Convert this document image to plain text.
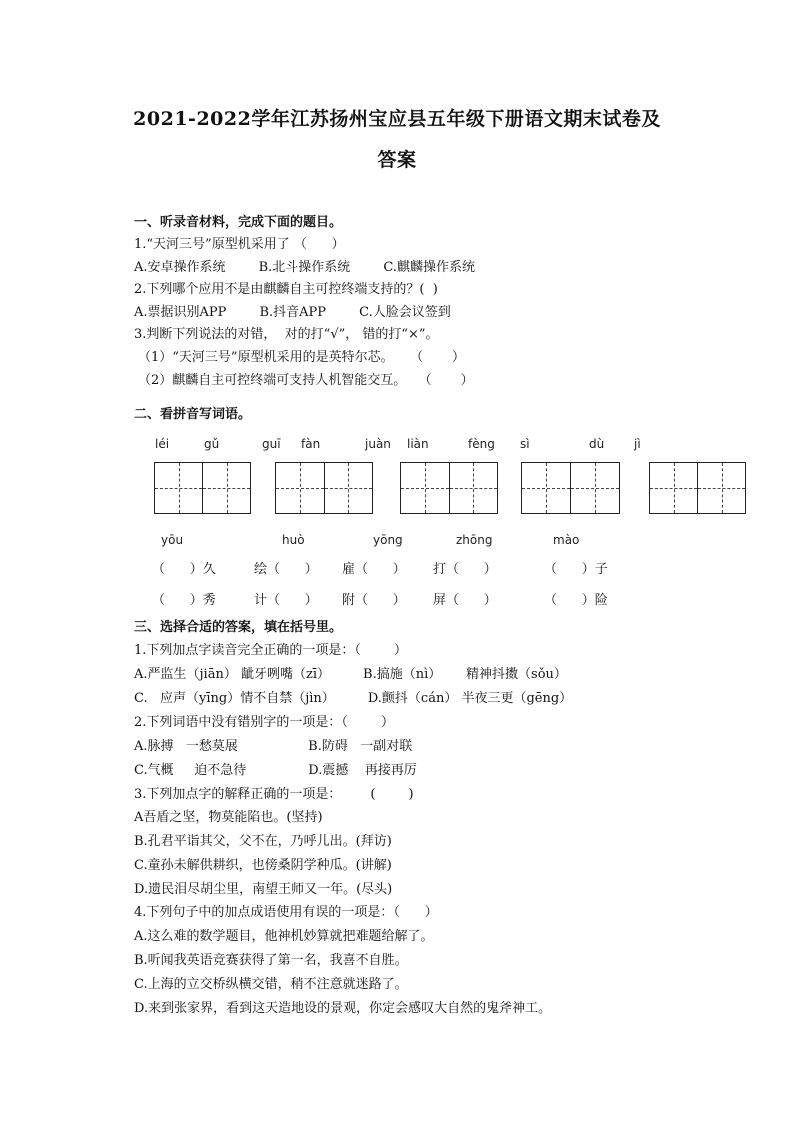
2021-2022学年江苏扬州宝应县五年级下册语文期末试卷及
答案
一、听录音材料，完成下面的题目。
1.“天河三号”原型机采用了 （      ）
A.安卓操作系统        B.北斗操作系统        C.麒麟操作系统
2.下列哪个应用不是由麒麟自主可控终端支持的？(  )
A.票据识别APP        B.抖音APP        C.人脸会议签到
3.判断下列说法的对错，  对的打“√”， 错的打“×”。
（1）“天河三号”原型机采用的是英特尔芯。    （       ）
（2）麒麟自主可控终端可支持人机智能交互。   （       ）
二、看拼音写词语。
léi	gǔ	guī fàn	juàn liàn	fèng sì	dù jì
yōu	huò	yōng	zhōng	mào
（      ）久	绘（      ） 雇（      ） 打（      ）	（      ）子
（      ）秀	计（      ） 附（      ） 屏（      ）	（      ）险
三、选择合适的答案，填在括号里。
1.下列加点字读音完全正确的一项是：（        ）
A.严监生（jiān） 龇牙咧嘴（zī）        B.搞施（nì）      精神抖擞（sǒu）
C.   应声（yīng）情不自禁（jìn）        D.颤抖（cán） 半夜三更（gēng）
2.下列词语中没有错别字的一项是：（        ）
A.脉搏   一愁莫展                 B.防碍   一副对联
C.气概     迫不急待               D.震撼    再接再厉
3.下列加点字的解释正确的一项是：       (        )
A吾盾之坚，物莫能陷也。(坚持)
B.孔君平诣其父，父不在，乃呼儿出。(拜访)
C.童孙未解供耕织，也傍桑阴学种瓜。(讲解)
D.遗民泪尽胡尘里，南望王师又一年。(尽头)
4.下列句子中的加点成语使用有误的一项是：（      ）
A.这么难的数学题目，他神机妙算就把难题给解了。
B.听闻我英语竞赛获得了第一名，我喜不自胜。
C.上海的立交桥纵横交错，稍不注意就迷路了。
D.来到张家界，看到这天造地设的景观，你定会感叹大自然的鬼斧神工。
